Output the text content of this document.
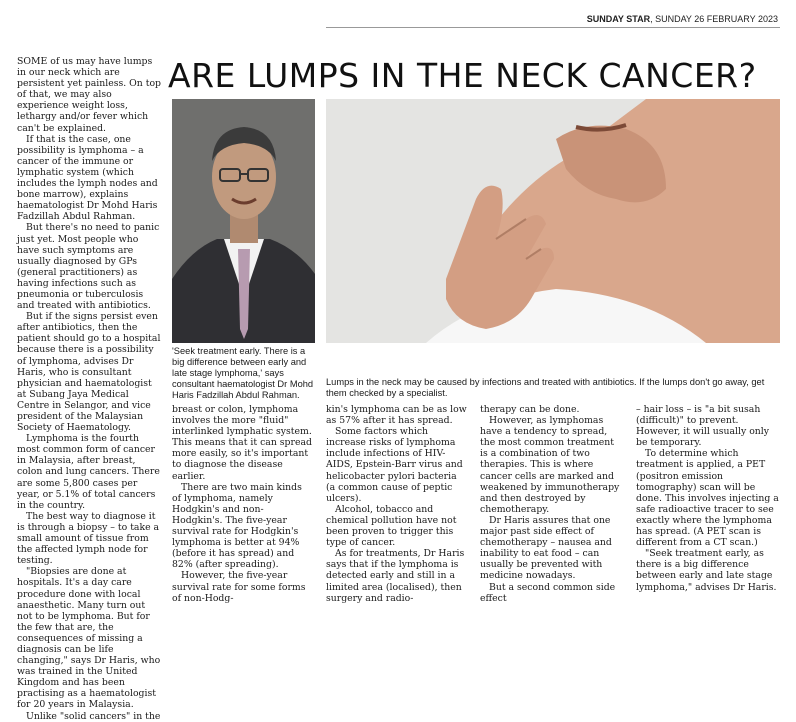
SUNDAY STAR, SUNDAY 26 FEBRUARY 2023
ARE LUMPS IN THE NECK CANCER?

SOME of us may have lumps in our neck which are persistent yet painless. On top of that, we may also experience weight loss, lethargy and/or fever which can't be explained.

If that is the case, one possibility is lymphoma – a cancer of the immune or lymphatic system (which includes the lymph nodes and bone marrow), explains haematologist Dr Mohd Haris Fadzillah Abdul Rahman.

But there's no need to panic just yet. Most people who have such symptoms are usually diagnosed by GPs (general practitioners) as having infections such as pneumonia or tuberculosis and treated with antibiotics.

But if the signs persist even after antibiotics, then the patient should go to a hospital because there is a possibility of lymphoma, advises Dr Haris, who is consultant physician and haematologist at Subang Jaya Medical Centre in Selangor, and vice president of the Malaysian Society of Haematology.

Lymphoma is the fourth most common form of cancer in Malaysia, after breast, colon and lung cancers. There are some 5,800 cases per year, or 5.1% of total cancers in the country.

The best way to diagnose it is through a biopsy – to take a small amount of tissue from the affected lymph node for testing.

"Biopsies are done at hospitals. It's a day care procedure done with local anaesthetic. Many turn out not to be lymphoma. But for the few that are, the consequences of missing a diagnosis can be life changing," says Dr Haris, who was trained in the United Kingdom and has been practising as a haematologist for 20 years in Malaysia.

Unlike "solid cancers" in the

'Seek treatment early. There is a big difference between early and late stage lymphoma,' says consultant haematologist Dr Mohd Haris Fadzillah Abdul Rahman.
Lumps in the neck may be caused by infections and treated with antibiotics. If the lumps don't go away, get them checked by a specialist.

breast or colon, lymphoma involves the more "fluid" interlinked lymphatic system. This means that it can spread more easily, so it's important to diagnose the disease earlier.

There are two main kinds of lymphoma, namely Hodgkin's and non-Hodgkin's. The five-year survival rate for Hodgkin's lymphoma is better at 94% (before it has spread) and 82% (after spreading).

However, the five-year survival rate for some forms of non-Hodg-

kin's lymphoma can be as low as 57% after it has spread.

Some factors which increase risks of lymphoma include infections of HIV-AIDS, Epstein-Barr virus and helicobacter pylori bacteria (a common cause of peptic ulcers).

Alcohol, tobacco and chemical pollution have not been proven to trigger this type of cancer.

As for treatments, Dr Haris says that if the lymphoma is detected early and still in a limited area (localised), then surgery and radio-

therapy can be done.

However, as lymphomas have a tendency to spread, the most common treatment is a combination of two therapies. This is where cancer cells are marked and weakened by immunotherapy and then destroyed by chemotherapy.

Dr Haris assures that one major past side effect of chemotherapy – nausea and inability to eat food – can usually be prevented with medicine nowadays.

But a second common side effect

– hair loss – is "a bit susah (difficult)" to prevent. However, it will usually only be temporary.

To determine which treatment is applied, a PET (positron emission tomography) scan will be done. This involves injecting a safe radioactive tracer to see exactly where the lymphoma has spread. (A PET scan is different from a CT scan.)

"Seek treatment early, as there is a big difference between early and late stage lymphoma," advises Dr Haris.
